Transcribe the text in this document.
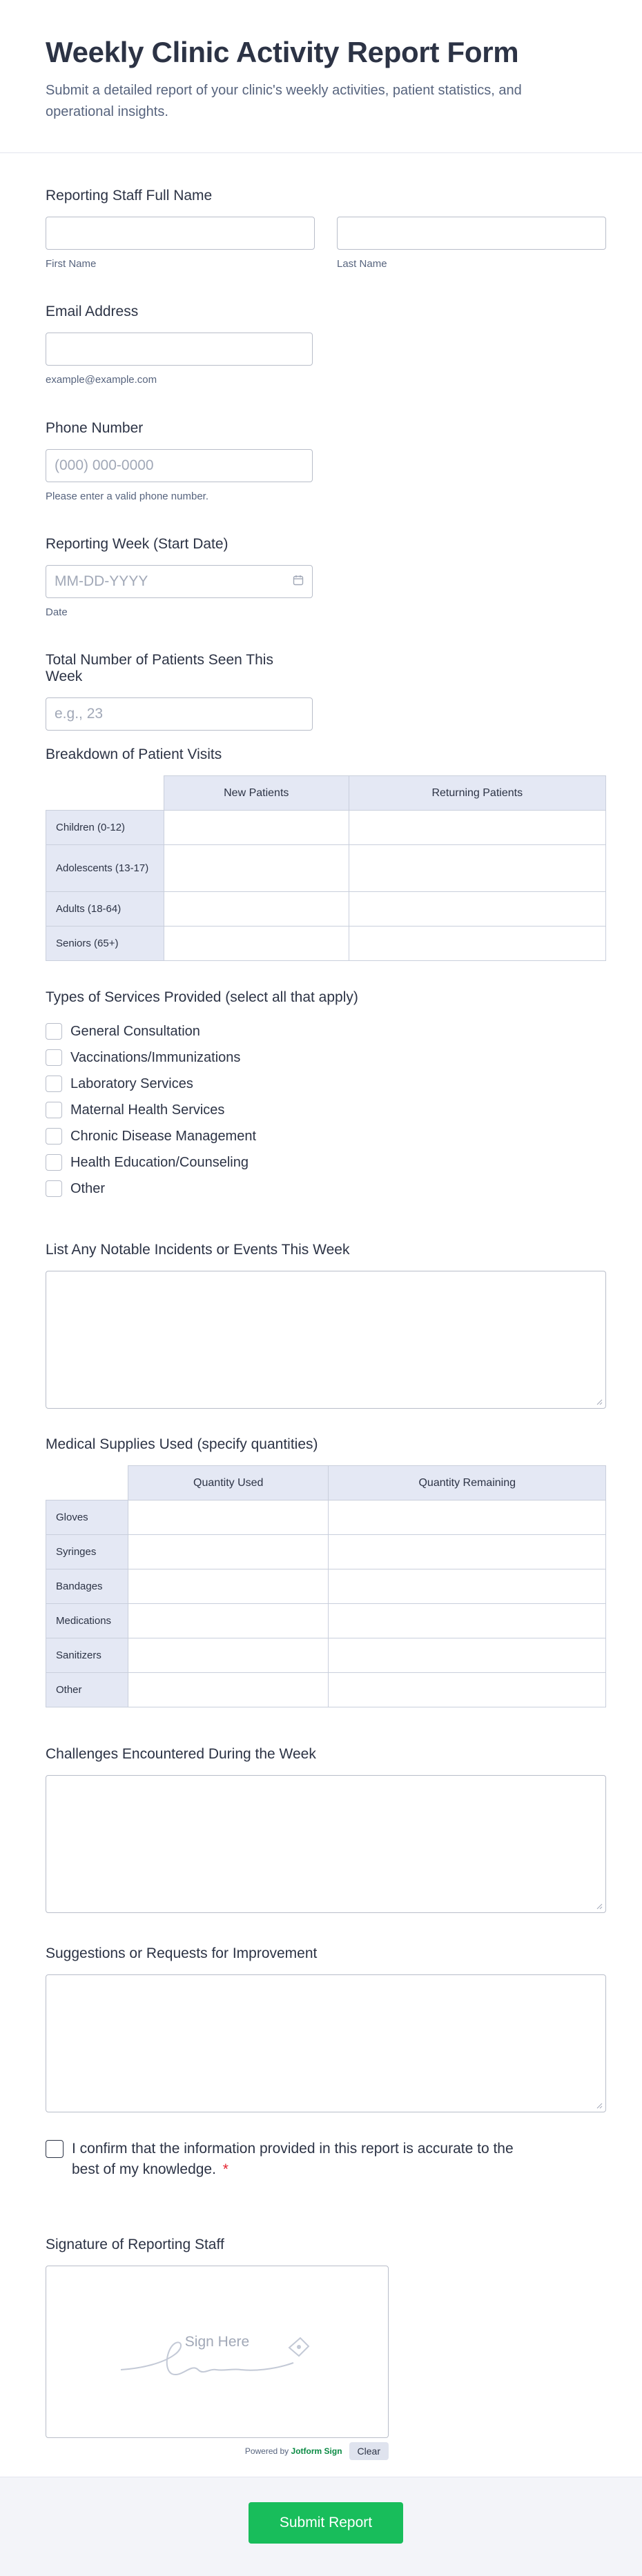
Weekly Clinic Activity Report Form

Submit a detailed report of your clinic's weekly activities, patient statistics, and operational insights.

Reporting Staff Full Name
First Name	Last Name
Email Address
example@example.com
Phone Number
(000) 000-0000
Please enter a valid phone number.
Reporting Week (Start Date)
MM-DD-YYYY
Date
Total Number of Patients Seen This Week
e.g., 23
Breakdown of Patient Visits
	New Patients	Returning Patients
Children (0-12)		
Adolescents (13-17)		
Adults (18-64)		
Seniors (65+)		
Types of Services Provided (select all that apply)
General Consultation
Vaccinations/Immunizations
Laboratory Services
Maternal Health Services
Chronic Disease Management
Health Education/Counseling
Other
List Any Notable Incidents or Events This Week
Medical Supplies Used (specify quantities)
	Quantity Used	Quantity Remaining
Gloves		
Syringes		
Bandages		
Medications		
Sanitizers		
Other		
Challenges Encountered During the Week
Suggestions or Requests for Improvement
I confirm that the information provided in this report is accurate to the best of my knowledge. *
Signature of Reporting Staff
Sign Here
Powered by Jotform Sign	Clear
Submit Report
